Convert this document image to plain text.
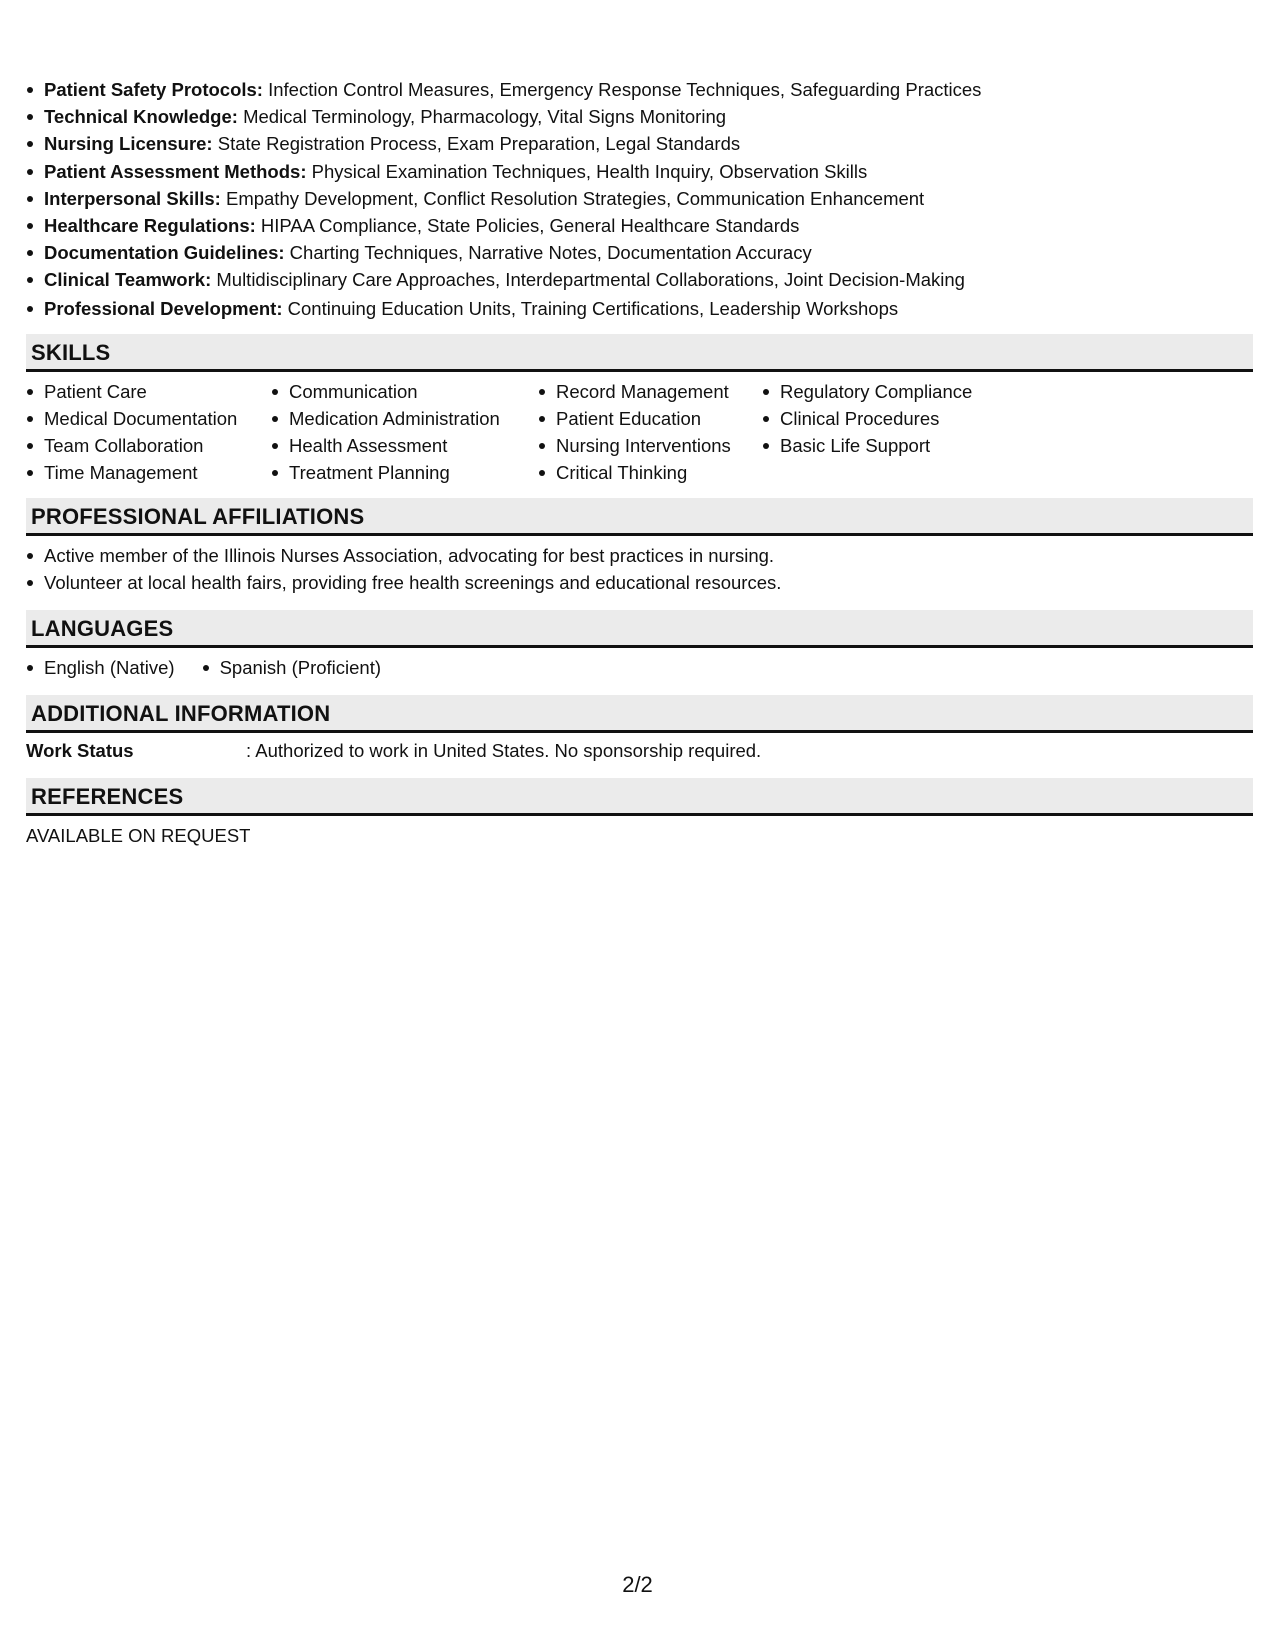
Patient Safety Protocols: Infection Control Measures, Emergency Response Techniques, Safeguarding Practices
Technical Knowledge: Medical Terminology, Pharmacology, Vital Signs Monitoring
Nursing Licensure: State Registration Process, Exam Preparation, Legal Standards
Patient Assessment Methods: Physical Examination Techniques, Health Inquiry, Observation Skills
Interpersonal Skills: Empathy Development, Conflict Resolution Strategies, Communication Enhancement
Healthcare Regulations: HIPAA Compliance, State Policies, General Healthcare Standards
Documentation Guidelines: Charting Techniques, Narrative Notes, Documentation Accuracy
Clinical Teamwork: Multidisciplinary Care Approaches, Interdepartmental Collaborations, Joint Decision-Making
Professional Development: Continuing Education Units, Training Certifications, Leadership Workshops
SKILLS
Patient Care
Medical Documentation
Team Collaboration
Time Management
Communication
Medication Administration
Health Assessment
Treatment Planning
Record Management
Patient Education
Nursing Interventions
Critical Thinking
Regulatory Compliance
Clinical Procedures
Basic Life Support
PROFESSIONAL AFFILIATIONS
Active member of the Illinois Nurses Association, advocating for best practices in nursing.
Volunteer at local health fairs, providing free health screenings and educational resources.
LANGUAGES
English (Native)	Spanish (Proficient)
ADDITIONAL INFORMATION
Work Status	: Authorized to work in United States. No sponsorship required.
REFERENCES
AVAILABLE ON REQUEST
2/2
